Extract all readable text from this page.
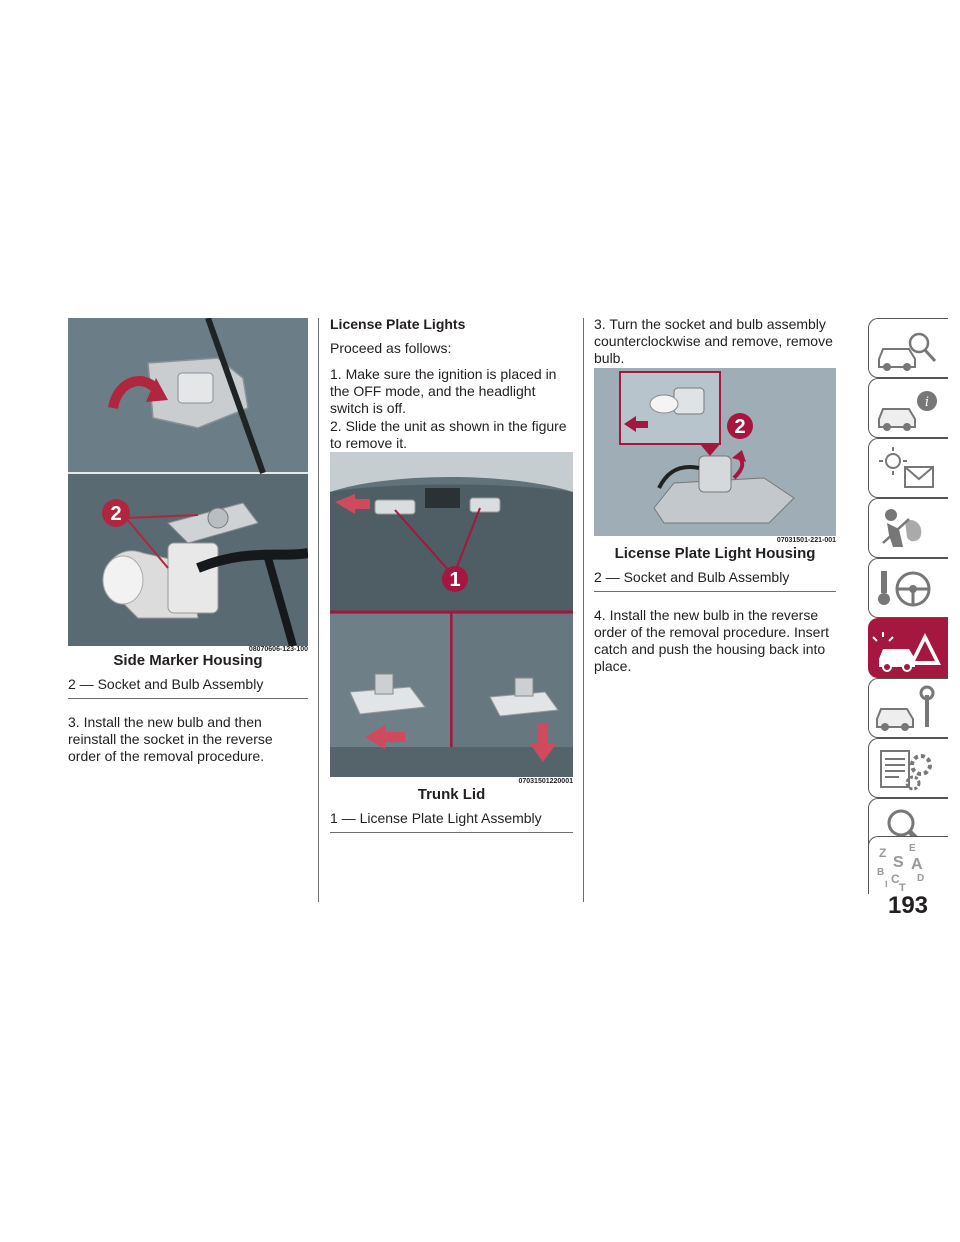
2
08070606-123-100
Side Marker Housing
2 — Socket and Bulb Assembly

3. Install the new bulb and then reinstall the socket in the reverse order of the removal procedure.

License Plate Lights

Proceed as follows:

1. Make sure the ignition is placed in the OFF mode, and the headlight switch is off.

2. Slide the unit as shown in the figure to remove it.

1
07031501220001
Trunk Lid
1 — License Plate Light Assembly

3. Turn the socket and bulb assembly counterclockwise and remove, remove bulb.

2
07031501-221-001
License Plate Light Housing
2 — Socket and Bulb Assembly

4. Install the new bulb in the reverse order of the removal procedure. Insert catch and push the housing back into place.

i
Z E
S A
B C D
T
I
193
